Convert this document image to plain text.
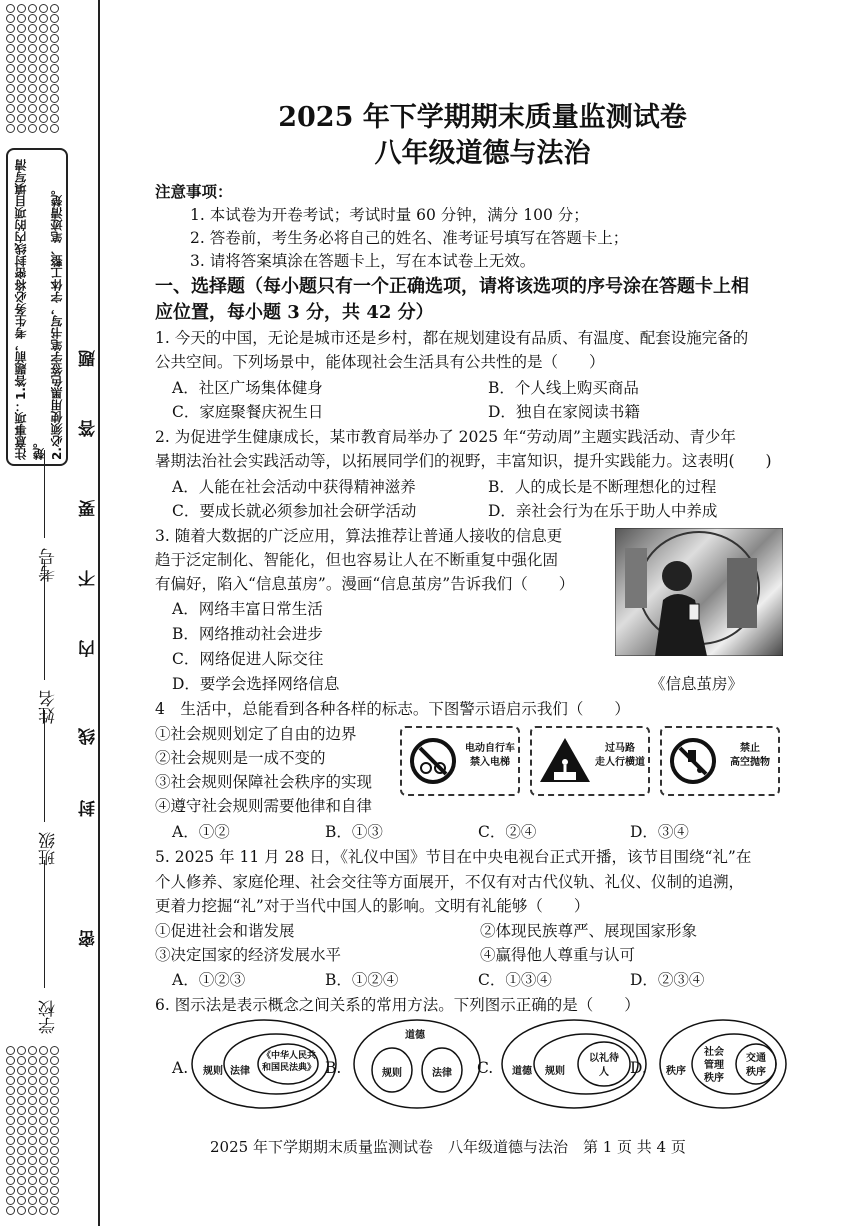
注意事项：1.答题前，考生务必将密封线内的项目填写清楚。 2.必须使用黑色签字笔书写，字体工整、笔迹清楚。
密
封
线
内
不
要
答
题
学校
班级
姓名
考号
2025 年下学期期末质量监测试卷
八年级道德与法治
注意事项：
1. 本试卷为开卷考试；考试时量 60 分钟，满分 100 分；
2. 答卷前，考生务必将自己的姓名、准考证号填写在答题卡上；
3. 请将答案填涂在答题卡上，写在本试卷上无效。
一、选择题（每小题只有一个正确选项，请将该选项的序号涂在答题卡上相
应位置，每小题 3 分，共 42 分）
1. 今天的中国，无论是城市还是乡村，都在规划建设有品质、有温度、配套设施完备的
公共空间。下列场景中，能体现社会生活具有公共性的是（　　）
A．社区广场集体健身	B．个人线上购买商品
C．家庭聚餐庆祝生日	D．独自在家阅读书籍
2. 为促进学生健康成长，某市教育局举办了 2025 年“劳动周”主题实践活动、青少年
暑期法治社会实践活动等，以拓展同学们的视野，丰富知识，提升实践能力。这表明(　　)
A．人能在社会活动中获得精神滋养	B．人的成长是不断理想化的过程
C．要成长就必须参加社会研学活动	D．亲社会行为在乐于助人中养成
3. 随着大数据的广泛应用，算法推荐让普通人接收的信息更
趋于泛定制化、智能化，但也容易让人在不断重复中强化固
有偏好，陷入“信息茧房”。漫画“信息茧房”告诉我们（　　）
A．网络丰富日常生活
B．网络推动社会进步
C．网络促进人际交往
D．要学会选择网络信息	《信息茧房》
4　生活中，总能看到各种各样的标志。下图警示语启示我们（　　）
①社会规则划定了自由的边界
②社会规则是一成不变的
③社会规则保障社会秩序的实现
④遵守社会规则需要他律和自律
电动自行车
禁入电梯
过马路
走人行横道
禁止
高空抛物
A．①②	B．①③	C．②④	D．③④
5. 2025 年 11 月 28 日，《礼仪中国》节目在中央电视台正式开播，该节目围绕“礼”在
个人修养、家庭伦理、社会交往等方面展开，不仅有对古代仪轨、礼仪、仪制的追溯，
更着力挖掘“礼”对于当代中国人的影响。文明有礼能够（　　）
①促进社会和谐发展	②体现民族尊严、展现国家形象
③决定国家的经济发展水平	④赢得他人尊重与认可
A．①②③	B．①②④	C．①③④	D．②③④
6. 图示法是表示概念之间关系的常用方法。下列图示正确的是（　　）
A. 规则 法律
《中华人民共和国民法典》 B.
道德
规则	法律 C. 道德 规则
以礼待人	D. 秩序
社会管理秩序
交通秩序
2025 年下学期期末质量监测试卷　八年级道德与法治　第 1 页 共 4 页
